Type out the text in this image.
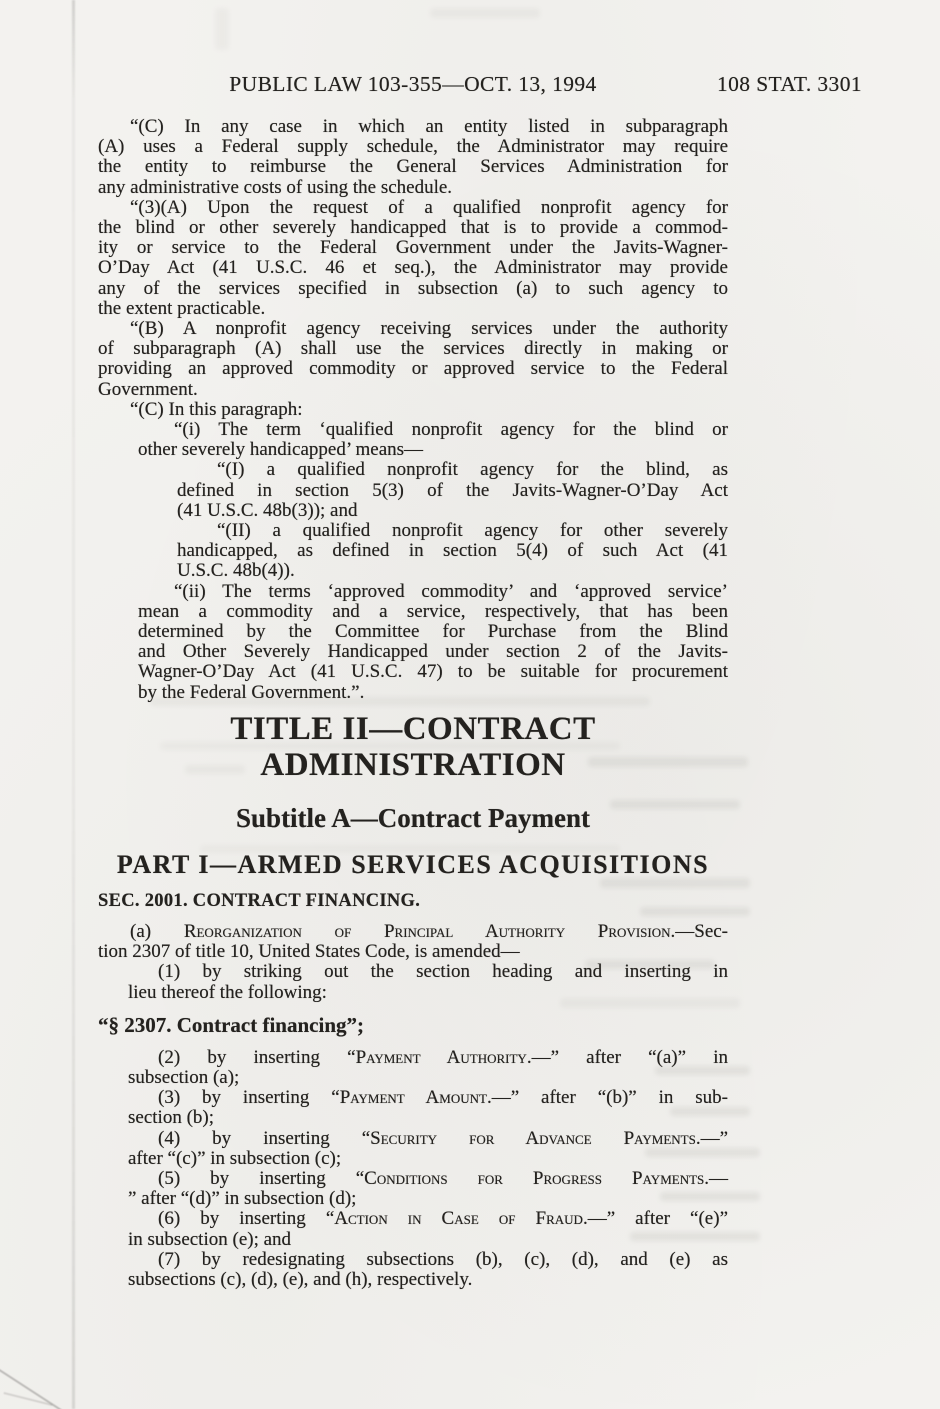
PUBLIC LAW 103-355—OCT. 13, 1994	108 STAT. 3301
“(C) In any case in which an entity listed in subparagraph
(A) uses a Federal supply schedule, the Administrator may require
the entity to reimburse the General Services Administration for
any administrative costs of using the schedule.
“(3)(A) Upon the request of a qualified nonprofit agency for
the blind or other severely handicapped that is to provide a commod-
ity or service to the Federal Government under the Javits-Wagner-
O’Day Act (41 U.S.C. 46 et seq.), the Administrator may provide
any of the services specified in subsection (a) to such agency to
the extent practicable.
“(B) A nonprofit agency receiving services under the authority
of subparagraph (A) shall use the services directly in making or
providing an approved commodity or approved service to the Federal
Government.
“(C) In this paragraph:
“(i) The term ‘qualified nonprofit agency for the blind or
other severely handicapped’ means—
“(I) a qualified nonprofit agency for the blind, as
defined in section 5(3) of the Javits-Wagner-O’Day Act
(41 U.S.C. 48b(3)); and
“(II) a qualified nonprofit agency for other severely
handicapped, as defined in section 5(4) of such Act (41
U.S.C. 48b(4)).
“(ii) The terms ‘approved commodity’ and ‘approved service’
mean a commodity and a service, respectively, that has been
determined by the Committee for Purchase from the Blind
and Other Severely Handicapped under section 2 of the Javits-
Wagner-O’Day Act (41 U.S.C. 47) to be suitable for procurement
by the Federal Government.”.
TITLE II—CONTRACT ADMINISTRATION
Subtitle A—Contract Payment
PART I—ARMED SERVICES ACQUISITIONS
SEC. 2001. CONTRACT FINANCING.
(a) Reorganization of Principal Authority Provision.—Sec-
tion 2307 of title 10, United States Code, is amended—
(1) by striking out the section heading and inserting in
lieu thereof the following:
“§ 2307. Contract financing”;
(2) by inserting “Payment Authority.—” after “(a)” in
subsection (a);
(3) by inserting “Payment Amount.—” after “(b)” in sub-
section (b);
(4) by inserting “Security for Advance Payments.—”
after “(c)” in subsection (c);
(5) by inserting “Conditions for Progress Payments.—
” after “(d)” in subsection (d);
(6) by inserting “Action in Case of Fraud.—” after “(e)”
in subsection (e); and
(7) by redesignating subsections (b), (c), (d), and (e) as
subsections (c), (d), (e), and (h), respectively.
